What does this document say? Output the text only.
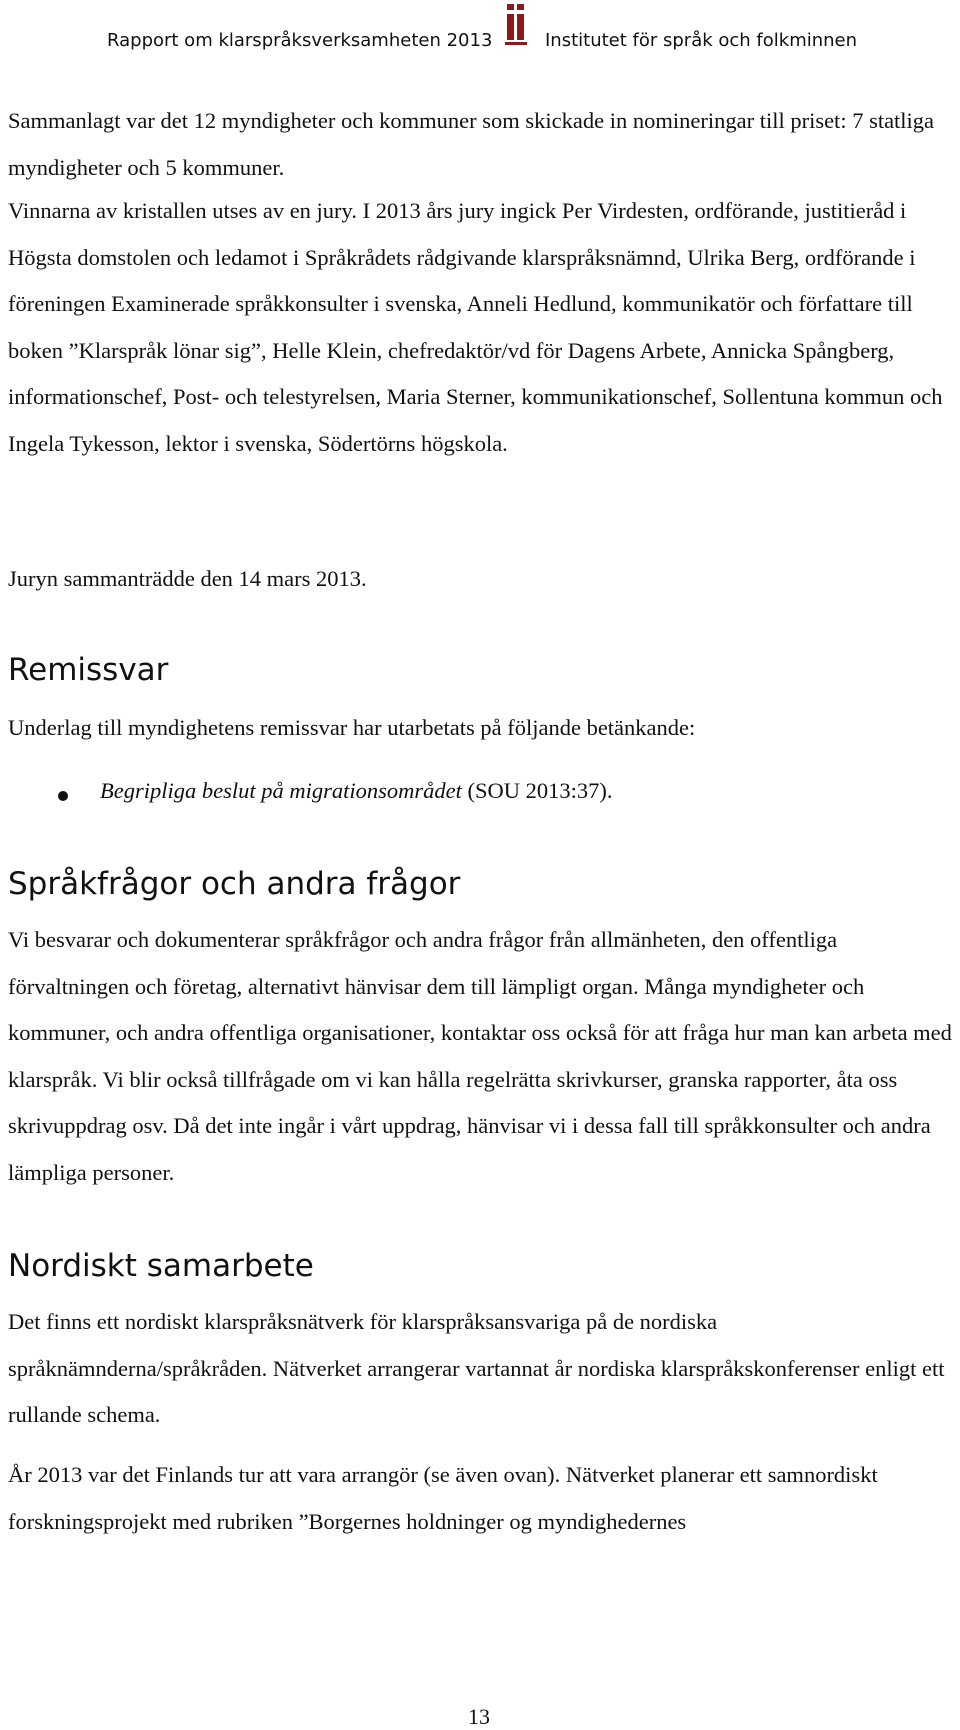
Rapport om klarspråksverksamheten 2013	Institutet för språk och folkminnen

Sammanlagt var det 12 myndigheter och kommuner som skickade in nomineringar till priset: 7 statliga myndigheter och 5 kommuner.

Vinnarna av kristallen utses av en jury. I 2013 års jury ingick Per Virdesten, ordförande, justitieråd i Högsta domstolen och ledamot i Språkrådets rådgivande klarspråksnämnd, Ulrika Berg, ordförande i föreningen Examinerade språkkonsulter i svenska, Anneli Hedlund, kommunikatör och författare till boken ”Klarspråk lönar sig”, Helle Klein, chefredaktör/vd för Dagens Arbete, Annicka Spångberg, informationschef, Post- och telestyrelsen, Maria Sterner, kommunikationschef, Sollentuna kommun och Ingela Tykesson, lektor i svenska, Södertörns högskola.

Juryn sammanträdde den 14 mars 2013.

Remissvar

Underlag till myndighetens remissvar har utarbetats på följande betänkande:

Begripliga beslut på migrationsområdet (SOU 2013:37).
Språkfrågor och andra frågor

Vi besvarar och dokumenterar språkfrågor och andra frågor från allmänheten, den offentliga förvaltningen och företag, alternativt hänvisar dem till lämpligt organ. Många myndigheter och kommuner, och andra offentliga organisationer, kontaktar oss också för att fråga hur man kan arbeta med klarspråk. Vi blir också tillfrågade om vi kan hålla regelrätta skrivkurser, granska rapporter, åta oss skrivuppdrag osv. Då det inte ingår i vårt uppdrag, hänvisar vi i dessa fall till språkkonsulter och andra lämpliga personer.

Nordiskt samarbete

Det finns ett nordiskt klarspråksnätverk för klarspråksansvariga på de nordiska språknämnderna/språkråden. Nätverket arrangerar vartannat år nordiska klarspråkskonferenser enligt ett rullande schema.

År 2013 var det Finlands tur att vara arrangör (se även ovan). Nätverket planerar ett samnordiskt forskningsprojekt med rubriken ”Borgernes holdninger og myndighedernes

13
